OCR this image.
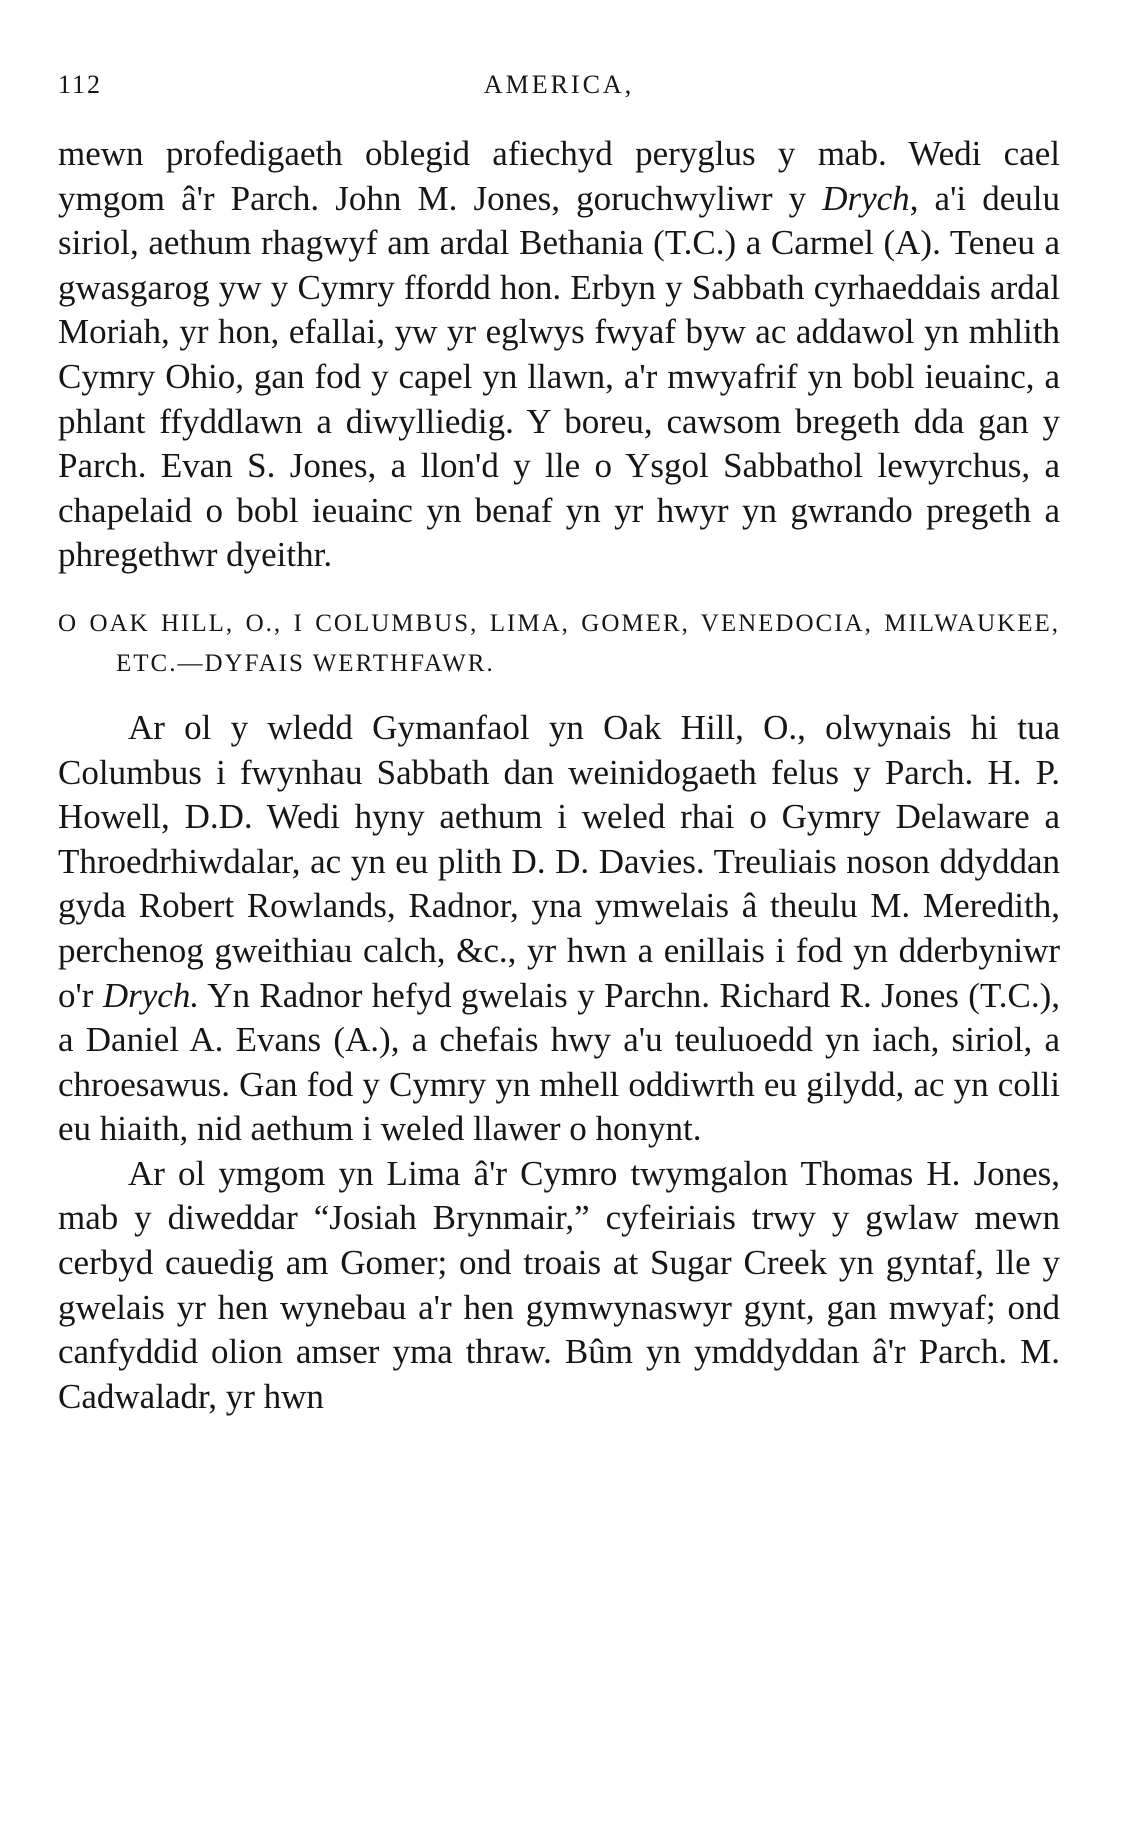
112	AMERICA,

mewn profedigaeth oblegid afiechyd peryglus y mab. Wedi cael ymgom â'r Parch. John M. Jones, goruchwyliwr y Drych, a'i deulu siriol, aethum rhagwyf am ardal Bethania (T.C.) a Carmel (A). Teneu a gwasgarog yw y Cymry ffordd hon. Erbyn y Sabbath cyrhaeddais ardal Moriah, yr hon, efallai, yw yr eglwys fwyaf byw ac addawol yn mhlith Cymry Ohio, gan fod y capel yn llawn, a'r mwyafrif yn bobl ieuainc, a phlant ffyddlawn a diwylliedig. Y boreu, cawsom bregeth dda gan y Parch. Evan S. Jones, a llon'd y lle o Ysgol Sabbathol lewyrchus, a chapelaid o bobl ieuainc yn benaf yn yr hwyr yn gwrando pregeth a phregethwr dyeithr.

O OAK HILL, O., I COLUMBUS, LIMA, GOMER, VENEDOCIA, MILWAUKEE, ETC.—DYFAIS WERTHFAWR.

Ar ol y wledd Gymanfaol yn Oak Hill, O., olwynais hi tua Columbus i fwynhau Sabbath dan weinidogaeth felus y Parch. H. P. Howell, D.D. Wedi hyny aethum i weled rhai o Gymry Delaware a Throedrhiwdalar, ac yn eu plith D. D. Davies. Treuliais noson ddyddan gyda Robert Rowlands, Radnor, yna ymwelais â theulu M. Meredith, perchenog gweithiau calch, &c., yr hwn a enillais i fod yn dderbyniwr o'r Drych. Yn Radnor hefyd gwelais y Parchn. Richard R. Jones (T.C.), a Daniel A. Evans (A.), a chefais hwy a'u teuluoedd yn iach, siriol, a chroesawus. Gan fod y Cymry yn mhell oddiwrth eu gilydd, ac yn colli eu hiaith, nid aethum i weled llawer o honynt.

Ar ol ymgom yn Lima â'r Cymro twymgalon Thomas H. Jones, mab y diweddar “Josiah Brynmair,” cyfeiriais trwy y gwlaw mewn cerbyd cauedig am Gomer; ond troais at Sugar Creek yn gyntaf, lle y gwelais yr hen wynebau a'r hen gymwynaswyr gynt, gan mwyaf; ond canfyddid olion amser yma thraw. Bûm yn ymddyddan â'r Parch. M. Cadwaladr, yr hwn
